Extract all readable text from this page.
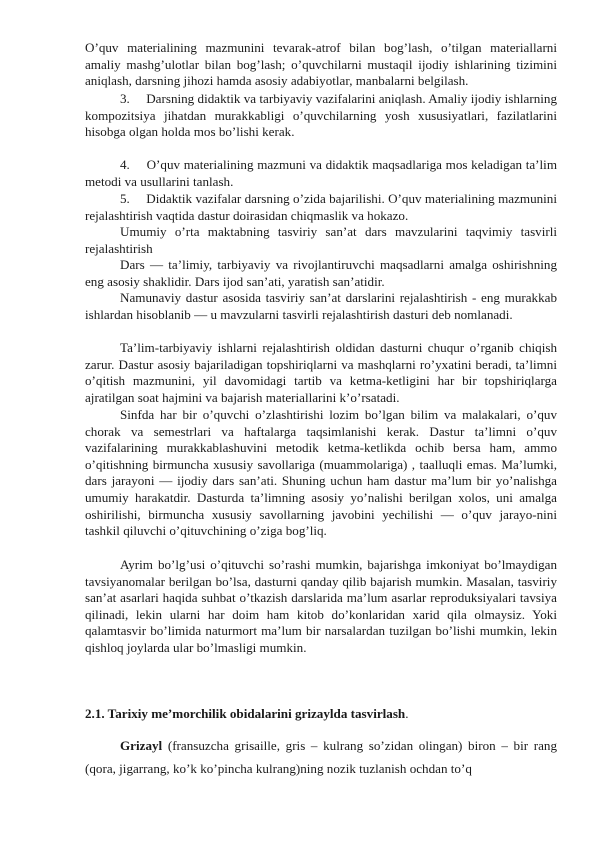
O’quv materialining mazmunini tevarak-atrof bilan bog’lash, o’tilgan materiallarni amaliy mashg’ulotlar bilan bog’lash; o’quvchilarni mustaqil ijodiy ishlarining tizimini aniqlash, darsning jihozi hamda asosiy adabiyotlar, manbalarni belgilash.

3.  Darsning didaktik va tarbiyaviy vazifalarini aniqlash. Amaliy ijodiy ishlarning kompozitsiya jihatdan murakkabligi o’quvchilarning yosh xususiyatlari, fazilatlarini hisobga olgan holda mos bo’lishi kerak.

4.  O’quv materialining mazmuni va didaktik maqsadlariga mos keladigan ta’lim metodi va usullarini tanlash.

5.  Didaktik vazifalar darsning o’zida bajarilishi. O’quv materialining mazmunini rejalashtirish vaqtida dastur doirasidan chiqmaslik va hokazo.

Umumiy o’rta maktabning tasviriy san’at dars mavzularini taqvimiy tasvirli rejalashtirish

Dars — ta’limiy, tarbiyaviy va rivojlantiruvchi maqsadlarni amalga oshirishning eng asosiy shaklidir. Dars ijod san’ati, yaratish san’atidir.

Namunaviy dastur asosida tasviriy san’at darslarini rejalashtirish - eng murakkab ishlardan hisoblanib — u mavzularni tasvirli rejalashtirish dasturi deb nomlanadi.

Ta’lim-tarbiyaviy ishlarni rejalashtirish oldidan dasturni chuqur o’rganib chiqish zarur. Dastur asosiy bajariladigan topshiriqlarni va mashqlarni ro’yxatini beradi, ta’limni o’qitish mazmunini, yil davomidagi tartib va ketma-ketligini har bir topshiriqlarga ajratilgan soat hajmini va bajarish materiallarini k’o’rsatadi.

Sinfda har bir o’quvchi o’zlashtirishi lozim bo’lgan bilim va malakalari, o’quv chorak va semestrlari va haftalarga taqsimlanishi kerak. Dastur ta’limni o’quv vazifalarining murakkablashuvini metodik ketma-ketlikda ochib bersa ham, ammo o’qitishning birmuncha xususiy savollariga (muammolariga) , taalluqli emas. Ma’lumki, dars jarayoni — ijodiy dars san’ati. Shuning uchun ham dastur ma’lum bir yo’nalishga umumiy harakatdir. Dasturda ta’limning asosiy yo’nalishi berilgan xolos, uni amalga oshirilishi, birmuncha xususiy savollarning javobini yechilishi — o’quv jarayo-nini tashkil qiluvchi o’qituvchining o’ziga bog’liq.

Ayrim bo’lg’usi o’qituvchi so’rashi mumkin, bajarishga imkoniyat bo’lmaydigan tavsiyanomalar berilgan bo’lsa, dasturni qanday qilib bajarish mumkin. Masalan, tasviriy san’at asarlari haqida suhbat o’tkazish darslarida ma’lum asarlar reproduksiyalari tavsiya qilinadi, lekin ularni har doim ham kitob do’konlaridan xarid qila olmaysiz. Yoki qalamtasvir bo’limida naturmort ma’lum bir narsalardan tuzilgan bo’lishi mumkin, lekin qishloq joylarda ular bo’lmasligi mumkin.

2.1. Tarixiy me’morchilik obidalarini grizaylda tasvirlash.

Grizayl (fransuzcha grisaille, gris – kulrang so’zidan olingan) biron – bir rang (qora, jigarrang, ko’k ko’pincha kulrang)ning nozik tuzlanish ochdan to’q
